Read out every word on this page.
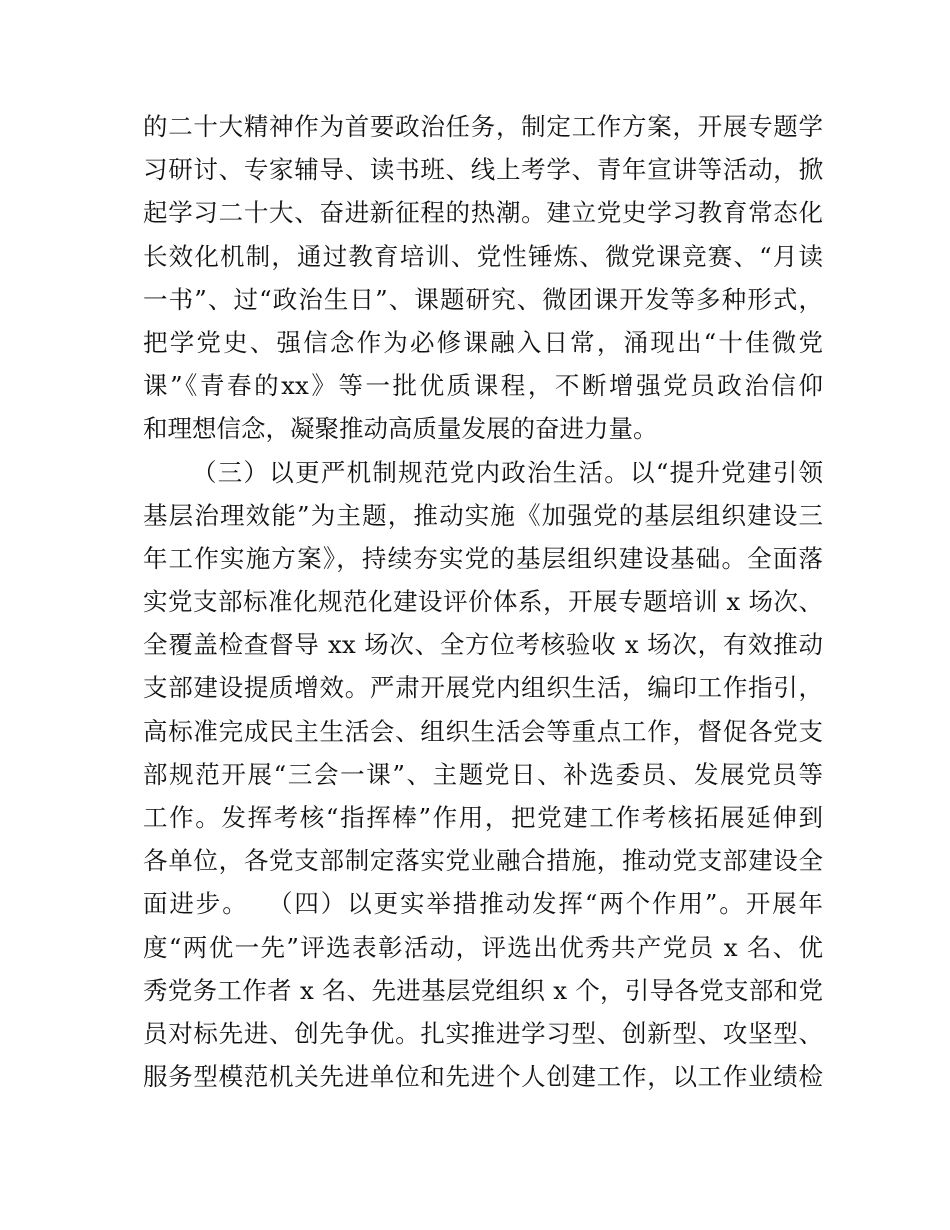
的二十大精神作为首要政治任务，制定工作方案，开展专题学
习研讨、专家辅导、读书班、线上考学、青年宣讲等活动，掀
起学习二十大、奋进新征程的热潮。建立党史学习教育常态化
长效化机制，通过教育培训、党性锤炼、微党课竞赛、“月读
一书”、过“政治生日”、课题研究、微团课开发等多种形式，
把学党史、强信念作为必修课融入日常，涌现出“十佳微党
课”《青春的xx》等一批优质课程，不断增强党员政治信仰
和理想信念，凝聚推动高质量发展的奋进力量。
（三）以更严机制规范党内政治生活。以“提升党建引领
基层治理效能”为主题，推动实施《加强党的基层组织建设三
年工作实施方案》，持续夯实党的基层组织建设基础。全面落
实党支部标准化规范化建设评价体系，开展专题培训 x 场次、
全覆盖检查督导 xx 场次、全方位考核验收 x 场次，有效推动
支部建设提质增效。严肃开展党内组织生活，编印工作指引，
高标准完成民主生活会、组织生活会等重点工作，督促各党支
部规范开展“三会一课”、主题党日、补选委员、发展党员等
工作。发挥考核“指挥棒”作用，把党建工作考核拓展延伸到
各单位，各党支部制定落实党业融合措施，推动党支部建设全
面进步。  （四）以更实举措推动发挥“两个作用”。开展年
度“两优一先”评选表彰活动，评选出优秀共产党员 x 名、优
秀党务工作者 x 名、先进基层党组织 x 个，引导各党支部和党
员对标先进、创先争优。扎实推进学习型、创新型、攻坚型、
服务型模范机关先进单位和先进个人创建工作，以工作业绩检
